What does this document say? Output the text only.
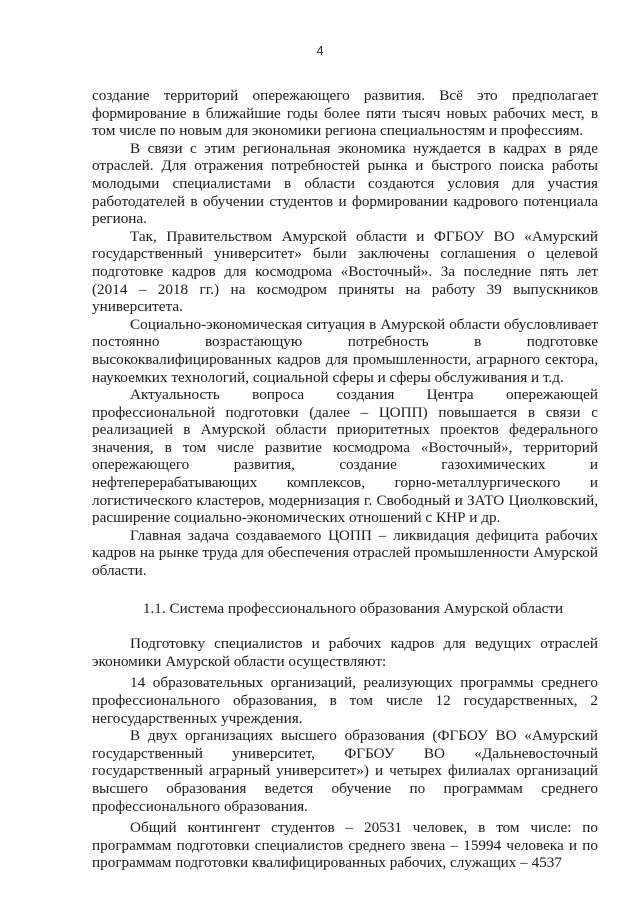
4

создание территорий опережающего развития. Всё это предполагает формирование в ближайшие годы более пяти тысяч новых рабочих мест, в том числе по новым для экономики региона специальностям и профессиям.

В связи с этим региональная экономика нуждается в кадрах в ряде отраслей. Для отражения потребностей рынка и быстрого поиска работы молодыми специалистами в области создаются условия для участия работодателей в обучении студентов и формировании кадрового потенциала региона.

Так, Правительством Амурской области и ФГБОУ ВО «Амурский государственный университет» были заключены соглашения о целевой подготовке кадров для космодрома «Восточный». За последние пять лет (2014 – 2018 гг.) на космодром приняты на работу 39 выпускников университета.

Социально-экономическая ситуация в Амурской области обусловливает постоянно возрастающую потребность в подготовке высококвалифицированных кадров для промышленности, аграрного сектора, наукоемких технологий, социальной сферы и сферы обслуживания и т.д.

Актуальность вопроса создания Центра опережающей профессиональной подготовки (далее – ЦОПП) повышается в связи с реализацией в Амурской области приоритетных проектов федерального значения, в том числе развитие космодрома «Восточный», территорий опережающего развития, создание газохимических и нефтеперерабатывающих комплексов, горно-металлургического и логистического кластеров, модернизация г. Свободный и ЗАТО Циолковский, расширение социально-экономических отношений с КНР и др.

Главная задача создаваемого ЦОПП – ликвидация дефицита рабочих кадров на рынке труда для обеспечения отраслей промышленности Амурской области.

1.1. Система профессионального образования Амурской области

Подготовку специалистов и рабочих кадров для ведущих отраслей экономики Амурской области осуществляют:

14 образовательных организаций, реализующих программы среднего профессионального образования, в том числе 12 государственных, 2 негосударственных учреждения.

В двух организациях высшего образования (ФГБОУ ВО «Амурский государственный университет, ФГБОУ ВО «Дальневосточный государственный аграрный университет») и четырех филиалах организаций высшего образования ведется обучение по программам среднего профессионального образования.

Общий контингент студентов – 20531 человек, в том числе: по программам подготовки специалистов среднего звена – 15994 человека и по программам подготовки квалифицированных рабочих, служащих – 4537
